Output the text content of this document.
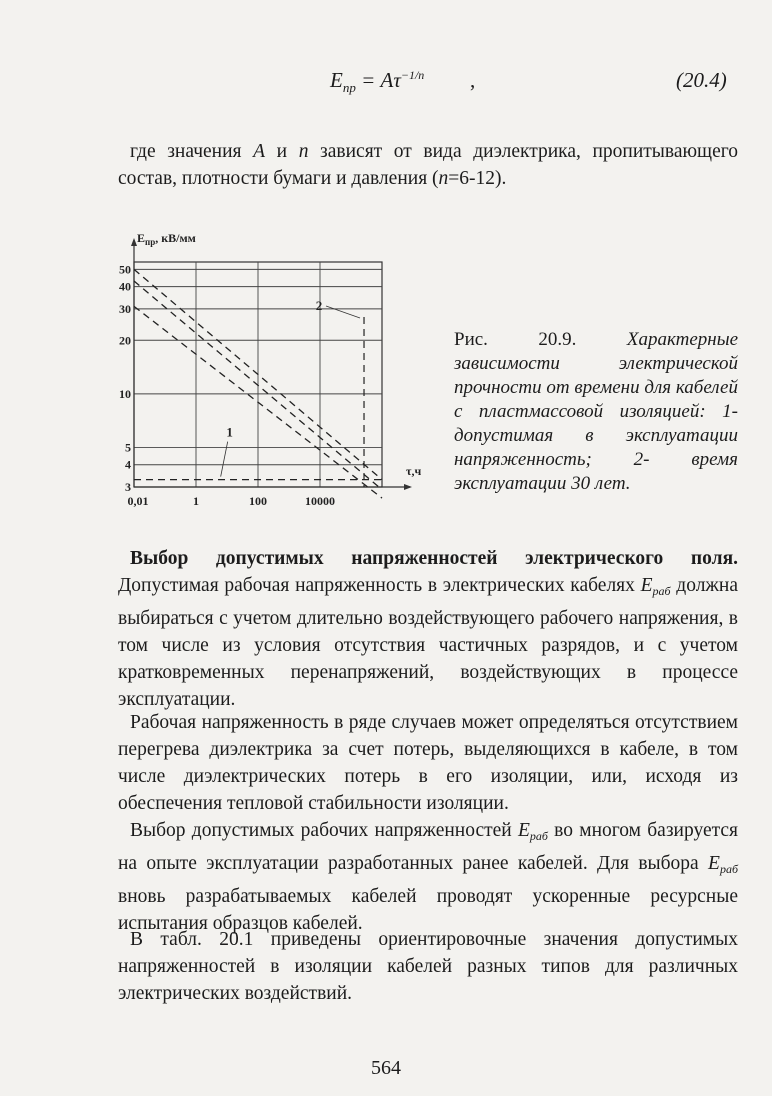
$E_{пр} = A\tau^{-1/n}$ ,	(20.4)

где значения A и n зависят от вида диэлектрика, пропитывающего состав, плотности бумаги и давления (n=6-12).

50
40
30
20
10
5
4
3
0,01	1	100	10000
$E_{пр}$, кВ/мм
τ,ч
1
2

Рис. 20.9. Характерные зависимости электрической прочности от времени для кабелей с пластмассовой изоляцией: 1- допустимая в эксплуатации напряженность; 2- время эксплуатации 30 лет.

Выбор допустимых напряженностей электрического поля. Допустимая рабочая напряженность в электрических кабелях $E_{раб}$ должна выбираться с учетом длительно воздействующего рабочего напряжения, в том числе из условия отсутствия частичных разрядов, и с учетом кратковременных перенапряжений, воздействующих в процессе эксплуатации.

Рабочая напряженность в ряде случаев может определяться отсутствием перегрева диэлектрика за счет потерь, выделяющихся в кабеле, в том числе диэлектрических потерь в его изоляции, или, исходя из обеспечения тепловой стабильности изоляции.

Выбор допустимых рабочих напряженностей $E_{раб}$ во многом базируется на опыте эксплуатации разработанных ранее кабелей. Для выбора $E_{раб}$ вновь разрабатываемых кабелей проводят ускоренные ресурсные испытания образцов кабелей.

В табл. 20.1 приведены ориентировочные значения допустимых напряженностей в изоляции кабелей разных типов для различных электрических воздействий.

564
